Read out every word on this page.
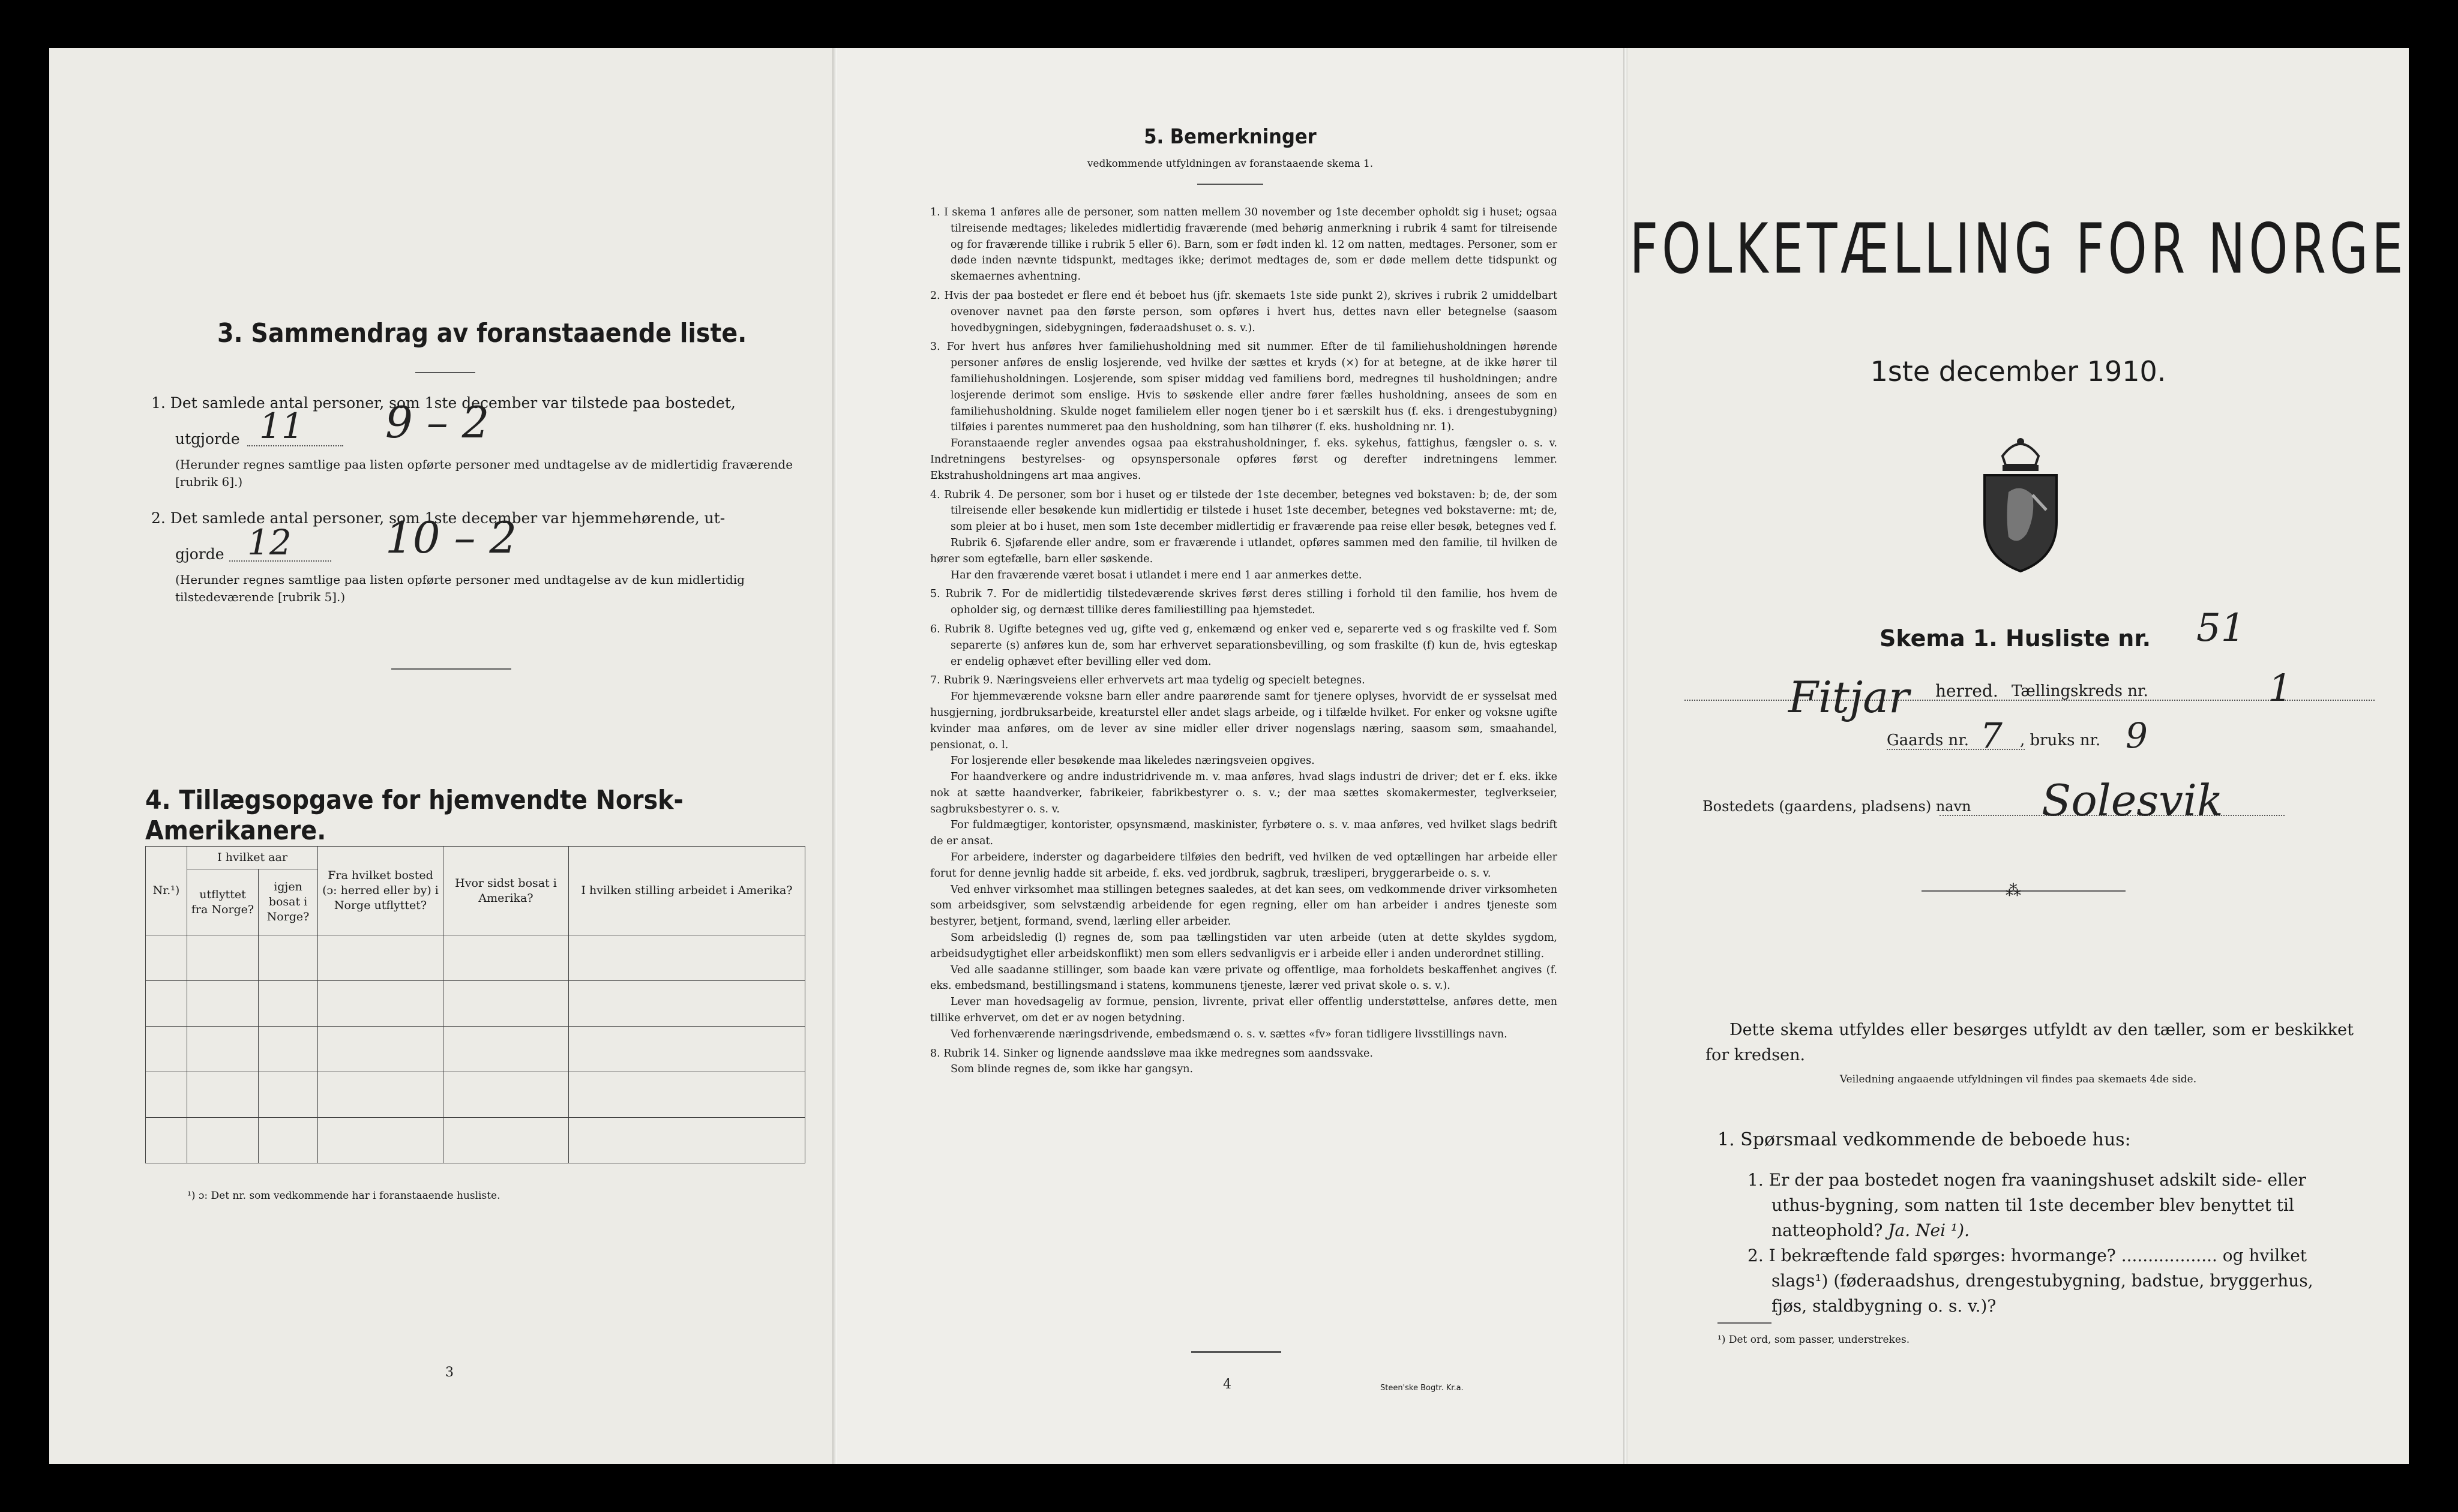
3. Sammendrag av foranstaaende liste.
1. Det samlede antal personer, som 1ste december var tilstede paa bostedet,
utgjorde 11 9 – 2
(Herunder regnes samtlige paa listen opførte personer med undtagelse av de midlertidig fraværende [rubrik 6].)
2. Det samlede antal personer, som 1ste december var hjemmehørende, ut-
gjorde 12 10 – 2
(Herunder regnes samtlige paa listen opførte personer med undtagelse av de kun midlertidig tilstedeværende [rubrik 5].)
4. Tillægsopgave for hjemvendte Norsk-Amerikanere.
Nr.¹)	I hvilket aar		Fra hvilket bosted (ɔ: herred eller by) i Norge utflyttet?	Hvor sidst bosat i Amerika?	I hvilken stilling arbeidet i Amerika?
	utflyttet fra Norge?	igjen bosat i Norge?			

¹) ɔ: Det nr. som vedkommende har i foranstaaende husliste.
3
5. Bemerkninger
vedkommende utfyldningen av foranstaaende skema 1.

1. I skema 1 anføres alle de personer, som natten mellem 30 november og 1ste december opholdt sig i huset; ogsaa tilreisende medtages; likeledes midlertidig fraværende (med behørig anmerkning i rubrik 4 samt for tilreisende og for fraværende tillike i rubrik 5 eller 6). Barn, som er født inden kl. 12 om natten, medtages. Personer, som er døde inden nævnte tidspunkt, medtages ikke; derimot medtages de, som er døde mellem dette tidspunkt og skemaernes avhentning.

2. Hvis der paa bostedet er flere end ét beboet hus (jfr. skemaets 1ste side punkt 2), skrives i rubrik 2 umiddelbart ovenover navnet paa den første person, som opføres i hvert hus, dettes navn eller betegnelse (saasom hovedbygningen, sidebygningen, føderaadshuset o. s. v.).

3. For hvert hus anføres hver familiehusholdning med sit nummer. Efter de til familiehusholdningen hørende personer anføres de enslig losjerende, ved hvilke der sættes et kryds (×) for at betegne, at de ikke hører til familiehusholdningen. Losjerende, som spiser middag ved familiens bord, medregnes til husholdningen; andre losjerende derimot som enslige. Hvis to søskende eller andre fører fælles husholdning, ansees de som en familiehusholdning. Skulde noget familielem eller nogen tjener bo i et særskilt hus (f. eks. i drengestubygning) tilføies i parentes nummeret paa den husholdning, som han tilhører (f. eks. husholdning nr. 1).

Foranstaaende regler anvendes ogsaa paa ekstrahusholdninger, f. eks. sykehus, fattighus, fængsler o. s. v. Indretningens bestyrelses- og opsynspersonale opføres først og derefter indretningens lemmer. Ekstrahusholdningens art maa angives.

4. Rubrik 4. De personer, som bor i huset og er tilstede der 1ste december, betegnes ved bokstaven: b; de, der som tilreisende eller besøkende kun midlertidig er tilstede i huset 1ste december, betegnes ved bokstaverne: mt; de, som pleier at bo i huset, men som 1ste december midlertidig er fraværende paa reise eller besøk, betegnes ved f.

Rubrik 6. Sjøfarende eller andre, som er fraværende i utlandet, opføres sammen med den familie, til hvilken de hører som egtefælle, barn eller søskende.

Har den fraværende været bosat i utlandet i mere end 1 aar anmerkes dette.

5. Rubrik 7. For de midlertidig tilstedeværende skrives først deres stilling i forhold til den familie, hos hvem de opholder sig, og dernæst tillike deres familiestilling paa hjemstedet.

6. Rubrik 8. Ugifte betegnes ved ug, gifte ved g, enkemænd og enker ved e, separerte ved s og fraskilte ved f. Som separerte (s) anføres kun de, som har erhvervet separationsbevilling, og som fraskilte (f) kun de, hvis egteskap er endelig ophævet efter bevilling eller ved dom.

7. Rubrik 9. Næringsveiens eller erhvervets art maa tydelig og specielt betegnes.

For hjemmeværende voksne barn eller andre paarørende samt for tjenere oplyses, hvorvidt de er sysselsat med husgjerning, jordbruksarbeide, kreaturstel eller andet slags arbeide, og i tilfælde hvilket. For enker og voksne ugifte kvinder maa anføres, om de lever av sine midler eller driver nogenslags næring, saasom søm, smaahandel, pensionat, o. l.

For losjerende eller besøkende maa likeledes næringsveien opgives.

For haandverkere og andre industridrivende m. v. maa anføres, hvad slags industri de driver; det er f. eks. ikke nok at sætte haandverker, fabrikeier, fabrikbestyrer o. s. v.; der maa sættes skomakermester, teglverkseier, sagbruksbestyrer o. s. v.

For fuldmægtiger, kontorister, opsynsmænd, maskinister, fyrbøtere o. s. v. maa anføres, ved hvilket slags bedrift de er ansat.

For arbeidere, inderster og dagarbeidere tilføies den bedrift, ved hvilken de ved optællingen har arbeide eller forut for denne jevnlig hadde sit arbeide, f. eks. ved jordbruk, sagbruk, træsliperi, bryggerarbeide o. s. v.

Ved enhver virksomhet maa stillingen betegnes saaledes, at det kan sees, om vedkommende driver virksomheten som arbeidsgiver, som selvstændig arbeidende for egen regning, eller om han arbeider i andres tjeneste som bestyrer, betjent, formand, svend, lærling eller arbeider.

Som arbeidsledig (l) regnes de, som paa tællingstiden var uten arbeide (uten at dette skyldes sygdom, arbeidsudygtighet eller arbeidskonflikt) men som ellers sedvanligvis er i arbeide eller i anden underordnet stilling.

Ved alle saadanne stillinger, som baade kan være private og offentlige, maa forholdets beskaffenhet angives (f. eks. embedsmand, bestillingsmand i statens, kommunens tjeneste, lærer ved privat skole o. s. v.).

Lever man hovedsagelig av formue, pension, livrente, privat eller offentlig understøttelse, anføres dette, men tillike erhvervet, om det er av nogen betydning.

Ved forhenværende næringsdrivende, embedsmænd o. s. v. sættes «fv» foran tidligere livsstillings navn.

8. Rubrik 14. Sinker og lignende aandssløve maa ikke medregnes som aandssvake.

Som blinde regnes de, som ikke har gangsyn.

4	Steen'ske Bogtr. Kr.a.
FOLKETÆLLING FOR NORGE
1ste december 1910.
Skema 1. Husliste nr. 51
Fitjar herred. Tællingskreds nr.	1
Gaards nr. 7 , bruks nr. 9
Bostedets (gaardens, pladsens) navn Solesvik
⁂
Dette skema utfyldes eller besørges utfyldt av den tæller, som er beskikket for kredsen.
Veiledning angaaende utfyldningen vil findes paa skemaets 4de side.
1. Spørsmaal vedkommende de beboede hus:
1. Er der paa bostedet nogen fra vaaningshuset adskilt side- eller uthus-bygning, som natten til 1ste december blev benyttet til natteophold? Ja. Nei ¹).
2. I bekræftende fald spørges: hvormange? .................. og hvilket slags¹) (føderaadshus, drengestubygning, badstue, bryggerhus, fjøs, staldbygning o. s. v.)?
¹) Det ord, som passer, understrekes.
